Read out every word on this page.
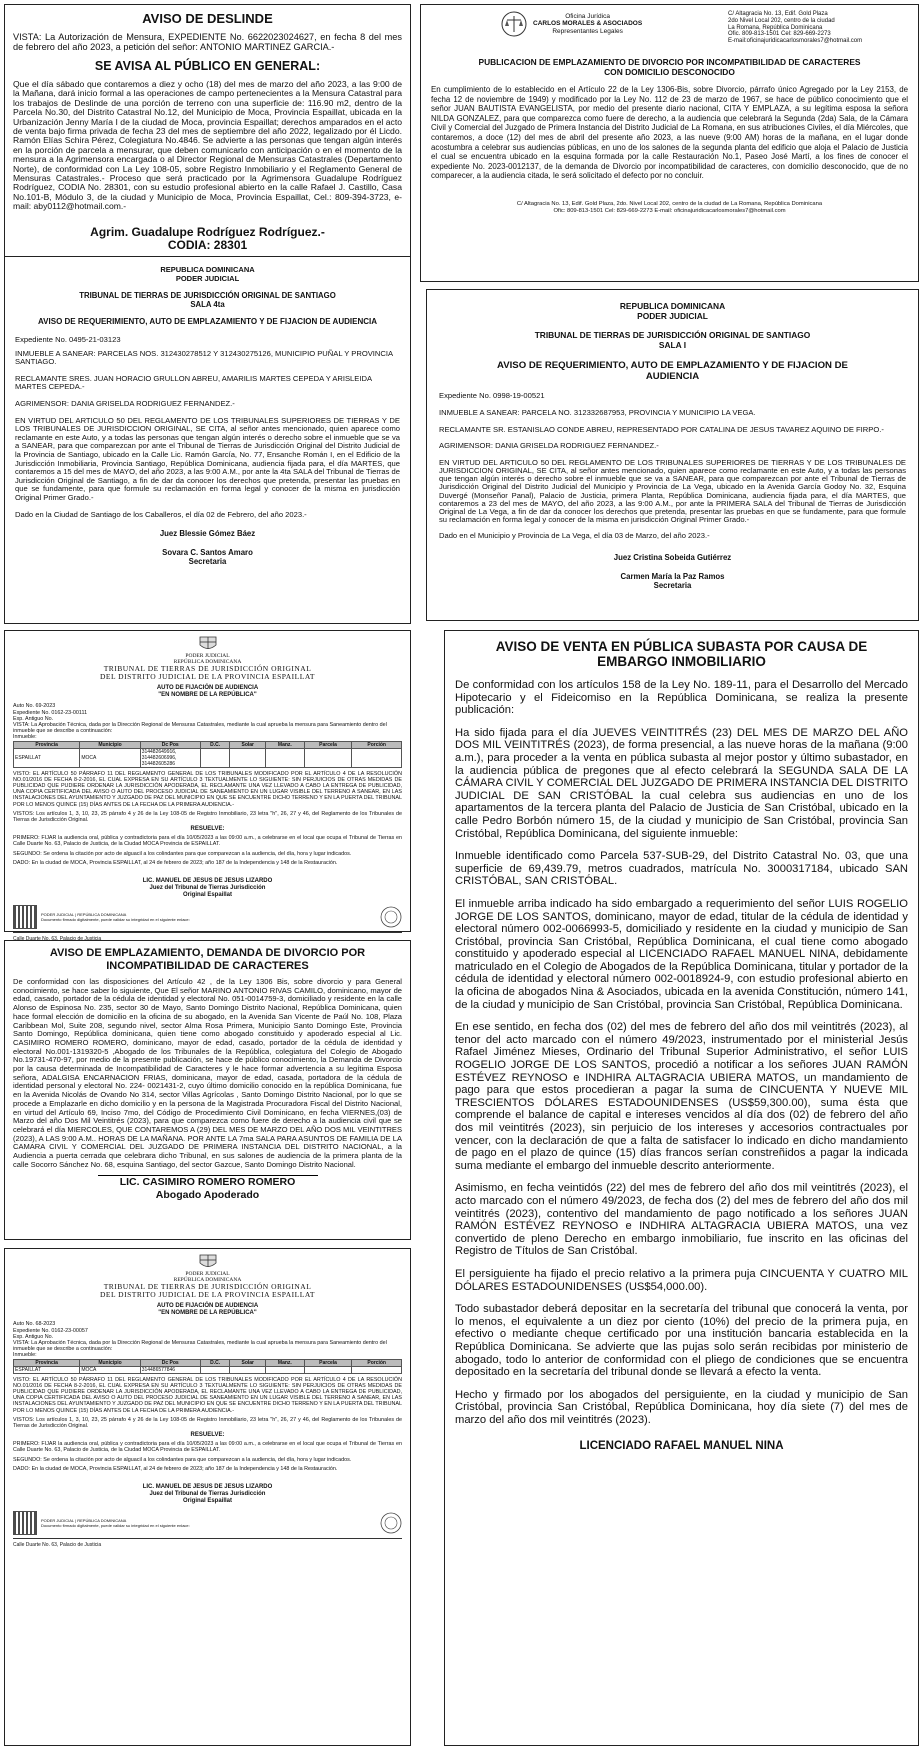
AVISO DE DESLINDE
VISTA: La Autorización de Mensura, EXPEDIENTE No. 6622023024627, en fecha 8 del mes de febrero del año 2023, a petición del señor: ANTONIO MARTINEZ GARCIA.-
SE AVISA AL PÚBLICO EN GENERAL:
Que el día sábado que contaremos a diez y ocho (18) del mes de marzo del año 2023, a las 9:00 de la Mañana, dará inicio formal a las operaciones de campo pertenecientes a la Mensura Catastral para los trabajos de Deslinde de una porción de terreno con una superficie de: 116.90 m2, dentro de la Parcela No.30, del Distrito Catastral No.12, del Municipio de Moca, Provincia Espaillat, ubicada en la Urbanización Jenny María I de la ciudad de Moca, provincia Espaillat; derechos amparados en el acto de venta bajo firma privada de fecha 23 del mes de septiembre del año 2022, legalizado por él Licdo. Ramón Elías Schira Pérez, Colegiatura No.4846. Se advierte a las personas que tengan algún interés en la porción de parcela a mensurar, que deben comunicarlo con anticipación o en el momento de la mensura a la Agrimensora encargada o al Director Regional de Mensuras Catastrales (Departamento Norte), de conformidad con La Ley 108-05, sobre Registro Inmobiliario y el Reglamento General de Mensuras Catastrales.- Proceso que será practicado por la Agrimensora Guadalupe Rodríguez Rodríguez, CODIA No. 28301, con su estudio profesional abierto en la calle Rafael J. Castillo, Casa No.101-B, Módulo 3, de la ciudad y Municipio de Moca, Provincia Espaillat, Cel.: 809-394-3723, e-mail: aby0112@hotmail.com.-
Agrim. Guadalupe Rodríguez Rodríguez.-
CODIA: 28301
Oficina Jurídica
CARLOS MORALES & ASOCIADOS
Representantes Legales
C/ Altagracia No. 13, Edif. Gold Plaza
2do Nivel Local 202, centro de la ciudad
La Romana, República Dominicana
Ofic. 809-813-1501 Cel: 829-669-2273
E-mail:oficinajuridicacarlosmorales7@hotmail.com
PUBLICACION DE EMPLAZAMIENTO DE DIVORCIO POR INCOMPATIBILIDAD DE CARACTERES CON DOMICILIO DESCONOCIDO
En cumplimiento de lo establecido en el Artículo 22 de la Ley 1306-Bis, sobre Divorcio, párrafo único Agregado por la Ley 2153, de fecha 12 de noviembre de 1949) y modificado por la Ley No. 112 de 23 de marzo de 1967, se hace de público conocimiento que el señor JUAN BAUTISTA EVANGELISTA, por medio del presente diario nacional, CITA Y EMPLAZA, a su legítima esposa la señora NILDA GONZALEZ, para que comparezca como fuere de derecho, a la audiencia que celebrará la Segunda (2da) Sala, de la Cámara Civil y Comercial del Juzgado de Primera Instancia del Distrito Judicial de La Romana, en sus atribuciones Civiles, el día Miércoles, que contaremos, a doce (12) del mes de abril del presente año 2023, a las nueve (9:00 AM) horas de la mañana, en el lugar donde acostumbra a celebrar sus audiencias públicas, en uno de los salones de la segunda planta del edificio que aloja el Palacio de Justicia el cual se encuentra ubicado en la esquina formada por la calle Restauración No.1, Paseo José Martí, a los fines de conocer el expediente No. 2023-0012137, de la demanda de Divorcio por incompatibilidad de caracteres, con domicilio desconocido, que de no comparecer, a la audiencia citada, le será solicitado el defecto por no concluir.
C/ Altagracia No. 13, Edif. Gold Plaza, 2do. Nivel Local 202, centro de la ciudad de La Romana, República Dominicana
Ofic: 809-813-1501 Cel: 829-669-2273 E-mail: oficinajuridicacarlosmorales7@hotmail.com
REPUBLICA DOMINICANA
PODER JUDICIAL
TRIBUNAL DE TIERRAS DE JURISDICCIÓN ORIGINAL DE SANTIAGO
SALA 4ta
AVISO DE REQUERIMIENTO, AUTO DE EMPLAZAMIENTO Y DE FIJACION DE AUDIENCIA
Expediente No. 0495-21-03123
INMUEBLE A SANEAR: PARCELAS NOS. 312430278512 Y 312430275126, MUNICIPIO PUÑAL Y PROVINCIA SANTIAGO.
RECLAMANTE SRES. JUAN HORACIO GRULLON ABREU, AMARILIS MARTES CEPEDA Y ARISLEIDA MARTES CEPEDA.-
AGRIMENSOR: DANIA GRISELDA RODRIGUEZ FERNANDEZ.-
EN VIRTUD DEL ARTICULO 50 DEL REGLAMENTO DE LOS TRIBUNALES SUPERIORES DE TIERRAS Y DE LOS TRIBUNALES DE JURISDICCION ORIGINAL, SE CITA, al señor antes mencionado, quien aparece como reclamante en este Auto, y a todas las personas que tengan algún interés o derecho sobre el inmueble que se va a SANEAR, para que comparezcan por ante el Tribunal de Tierras de Jurisdicción Original del Distrito Judicial de la Provincia de Santiago, ubicado en la Calle Lic. Ramón García, No. 77, Ensanche Román I, en el Edificio de la Jurisdicción Inmobiliaria, Provincia Santiago, República Dominicana, audiencia fijada para, el día MARTES, que contaremos a 15 del mes de MAYO, del año 2023, a las 9:00 A.M., por ante la 4ta SALA del Tribunal de Tierras de Jurisdicción Original de Santiago, a fin de dar da conocer los derechos que pretenda, presentar las pruebas en que se fundamente, para que formule su reclamación en forma legal y conocer de la misma en jurisdicción Original Primer Grado.-
Dado en la Ciudad de Santiago de los Caballeros, el día 02 de Febrero, del año 2023.-
Juez Blessie Gómez Báez
Sovara C. Santos Amaro
Secretaria
REPUBLICA DOMINICANA
PODER JUDICIAL
TRIBUNAL DE TIERRAS DE JURISDICCIÓN ORIGINAL DE SANTIAGO
SALA I
AVISO DE REQUERIMIENTO, AUTO DE EMPLAZAMIENTO Y DE FIJACION DE AUDIENCIA
Expediente No. 0998-19-00521
INMUEBLE A SANEAR: PARCELA NO. 312332687953, PROVINCIA Y MUNICIPIO LA VEGA.
RECLAMANTE SR. ESTANISLAO CONDE ABREU, REPRESENTADO POR CATALINA DE JESUS TAVAREZ AQUINO DE FIRPO.-
AGRIMENSOR: DANIA GRISELDA RODRIGUEZ FERNANDEZ.-
EN VIRTUD DEL ARTICULO 50 DEL REGLAMENTO DE LOS TRIBUNALES SUPERIORES DE TIERRAS Y DE LOS TRIBUNALES DE JURISDICCION ORIGINAL, SE CITA, al señor antes mencionado, quien aparece como reclamante en este Auto, y a todas las personas que tengan algún interés o derecho sobre el inmueble que se va a SANEAR, para que comparezcan por ante el Tribunal de Tierras de Jurisdicción Original del Distrito Judicial del Municipio y Provincia de La Vega, ubicado en la Avenida García Godoy No. 32, Esquina Duvergé (Monseñor Panal), Palacio de Justicia, primera Planta, República Dominicana, audiencia fijada para, el día MARTES, que contaremos a 23 del mes de MAYO, del año 2023, a las 9:00 A.M., por ante la PRIMERA SALA del Tribunal de Tierras de Jurisdicción Original de La Vega, a fin de dar da conocer los derechos que pretenda, presentar las pruebas en que se fundamente, para que formule su reclamación en forma legal y conocer de la misma en jurisdicción Original Primer Grado.-
Dado en el Municipio y Provincia de La Vega, el día 03 de Marzo, del año 2023.-
Juez Cristina Sobeida Gutiérrez
Carmen María la Paz Ramos
Secretaria
PODER JUDICIAL
REPÚBLICA DOMINICANA
TRIBUNAL DE TIERRAS DE JURISDICCIÓN ORIGINAL
DEL DISTRITO JUDICIAL DE LA PROVINCIA ESPAILLAT
AUTO DE FIJACIÓN DE AUDIENCIA
"EN NOMBRE DE LA REPÚBLICA"
Auto No. 69-2023
Expediente No. 0162-23-00111
Exp. Antiguo No.
VISTA: La Aprobación Técnica, dada por la Dirección Regional de Mensuras Catastrales, mediante la cual aprueba la mensura para Saneamiento dentro del inmueble que se describe a continuación:
Inmueble:
Provincia	Municipio	Dc Pos	D.C.	Solar	Manz.	Parcela	Porción
ESPAILLAT	MOCA	314482649916, 314482606996, 314482605286					
VISTO: EL ARTÍCULO 50 PÁRRAFO 11 DEL REGLAMENTO GENERAL DE LOS TRIBUNALES MODIFICADO POR EL ARTÍCULO 4 DE LA RESOLUCIÓN NO.01/2016 DE FECHA 8-2-2016, EL CUAL EXPRESA EN SU ARTÍCULO 3 TEXTUALMENTE LO SIGUIENTE: SIN PERJUICIOS DE OTRAS MEDIDAS DE PUBLICIDAD QUE PUDIERE ORDENAR LA JURISDICCIÓN APODERADA, EL RECLAMANTE UNA VEZ LLEVADO A CABO LA ENTREGA DE PUBLICIDAD, UNA COPIA CERTIFICADA DEL AVISO O AUTO DEL PROCESO JUDICIAL DE SANEAMIENTO EN UN LUGAR VISIBLE DEL TERRENO A SANEAR, EN LAS INSTALACIONES DEL AYUNTAMIENTO Y JUZGADO DE PAZ DEL MUNICIPIO EN QUE SE ENCUENTRE DICHO TERRENO Y EN LA PUERTA DEL TRIBUNAL POR LO MENOS QUINCE (15) DÍAS ANTES DE LA FECHA DE LA PRIMERA AUDIENCIA.-
VISTOS: Los artículos 1, 3, 10, 23, 25 párrafo 4 y 26 de la Ley 108-05 de Registro Inmobiliario, 23 letra "h", 26, 27 y 46, del Reglamento de los Tribunales de Tierras de Jurisdicción Original.
RESUELVE:
PRIMERO: FIJAR la audiencia oral, pública y contradictoria para el día 10/05/2023 a las 09:00 a.m., a celebrarse en el local que ocupa el Tribunal de Tierras en Calle Duarte No. 63, Palacio de Justicia, de la Ciudad MOCA Provincia de ESPAILLAT.
SEGUNDO: Se ordena la citación por acto de alguacil a los colindantes para que comparezcan a la audiencia, del día, hora y lugar indicados.
DADO: En la ciudad de MOCA, Provincia ESPAILLAT, al 24 de febrero de 2023; año 187 de la Independencia y 148 de la Restauración.
LIC. MANUEL DE JESUS DE JESUS LIZARDO
Juez del Tribunal de Tierras Jurisdicción
Original Espaillat
PODER JUDICIAL | REPÚBLICA DOMINICANA
Documento firmado digitalmente, puede validar su integridad en el siguiente enlace:
AVISO DE EMPLAZAMIENTO, DEMANDA DE DIVORCIO POR INCOMPATIBILIDAD DE CARACTERES
De conformidad con las disposiciones del Artículo 42 , de la Ley 1306 Bis, sobre divorcio y para General conocimiento, se hace saber lo siguiente, Que El señor MARINO ANTONIO RIVAS CAMILO, dominicano, mayor de edad, casado, portador de la cédula de identidad y electoral No. 051-0014759-3, domiciliado y residente en la calle Alonso de Espinosa No. 235, sector 30 de Mayo, Santo Domingo Distrito Nacional, República Dominicana, quien hace formal elección de domicilio en la oficina de su abogado, en la Avenida San Vicente de Paúl No. 108, Plaza Caribbean Mol, Suite 208, segundo nivel, sector Alma Rosa Primera, Municipio Santo Domingo Este, Provincia Santo Domingo, República dominicana, quien tiene como abogado constituido y apoderado especial al Lic. CASIMIRO ROMERO ROMERO, dominicano, mayor de edad, casado, portador de la cédula de identidad y electoral No.001-1319320-5 ,Abogado de los Tribunales de la República, colegiatura del Colegio de Abogado No.19731-470-97, por medio de la presente publicación, se hace de público conocimiento, la Demanda de Divorcio por la causa determinada de Incompatibilidad de Caracteres y le hace formar advertencia a su legítima Esposa señora, ADALGISA ENCARNACION FRIAS, dominicana, mayor de edad, casada, portadora de la cédula de identidad personal y electoral No. 224- 0021431-2, cuyo último domicilio conocido en la república Dominicana, fue en la Avenida Nicolás de Ovando No 314, sector Villas Agrícolas , Santo Domingo Distrito Nacional, por lo que se procede a Emplazarle en dicho domicilio y en la persona de la Magistrada Procuradora Fiscal del Distrito Nacional, en virtud del Artículo 69, Inciso 7mo, del Código de Procedimiento Civil Dominicano, en fecha VIERNES,(03) de Marzo del año Dos Mil Veintitrés (2023), para que comparezca como fuere de derecho a la audiencia civil que se celebrará el día MIERCOLES, QUE CONTAREMOS A (29) DEL MES DE MARZO DEL AÑO DOS MIL VEINTITRES (2023), A LAS 9:00 A.M.. HORAS DE LA MAÑANA. POR ANTE LA 7ma SALA PARA ASUNTOS DE FAMILIA DE LA CAMARA CIVIL Y COMERCIAL DEL JUZGADO DE PRIMERA INSTANCIA DEL DISTRITO NACIONAL, a la Audiencia a puerta cerrada que celebrara dicho Tribunal, en sus salones de audiencia de la primera planta de la calle Socorro Sánchez No. 68, esquina Santiago, del sector Gazcue, Santo Domingo Distrito Nacional.
LIC. CASIMIRO ROMERO ROMERO
Abogado Apoderado
PODER JUDICIAL
REPÚBLICA DOMINICANA
TRIBUNAL DE TIERRAS DE JURISDICCIÓN ORIGINAL
DEL DISTRITO JUDICIAL DE LA PROVINCIA ESPAILLAT
AUTO DE FIJACIÓN DE AUDIENCIA
"EN NOMBRE DE LA REPÚBLICA"
Auto No. 68-2023
Expediente No. 0162-23-00057
Exp. Antiguo No.
VISTA: La Aprobación Técnica, dada por la Dirección Regional de Mensuras Catastrales, mediante la cual aprueba la mensura para Saneamiento dentro del inmueble que se describe a continuación:
Inmueble:
Provincia	Municipio	Dc Pos	D.C.	Solar	Manz.	Parcela	Porción
ESPAILLAT	MOCA	314486577846					
VISTO: EL ARTÍCULO 50 PÁRRAFO 11 DEL REGLAMENTO GENERAL DE LOS TRIBUNALES MODIFICADO POR EL ARTÍCULO 4 DE LA RESOLUCIÓN NO.01/2016 DE FECHA 8-2-2016, EL CUAL EXPRESA EN SU ARTÍCULO 3 TEXTUALMENTE LO SIGUIENTE: SIN PERJUICIOS DE OTRAS MEDIDAS DE PUBLICIDAD QUE PUDIERE ORDENAR LA JURISDICCIÓN APODERADA, EL RECLAMANTE UNA VEZ LLEVADO A CABO LA ENTREGA DE PUBLICIDAD, UNA COPIA CERTIFICADA DEL AVISO O AUTO DEL PROCESO JUDICIAL DE SANEAMIENTO EN UN LUGAR VISIBLE DEL TERRENO A SANEAR, EN LAS INSTALACIONES DEL AYUNTAMIENTO Y JUZGADO DE PAZ DEL MUNICIPIO EN QUE SE ENCUENTRE DICHO TERRENO Y EN LA PUERTA DEL TRIBUNAL POR LO MENOS QUINCE (15) DÍAS ANTES DE LA FECHA DE LA PRIMERA AUDIENCIA.-
VISTOS: Los artículos 1, 3, 10, 23, 25 párrafo 4 y 26 de la Ley 108-05 de Registro Inmobiliario, 23 letra "h", 26, 27 y 46, del Reglamento de los Tribunales de Tierras de Jurisdicción Original.
RESUELVE:
PRIMERO: FIJAR la audiencia oral, pública y contradictoria para el día 10/05/2023 a las 09:00 a.m., a celebrarse en el local que ocupa el Tribunal de Tierras en Calle Duarte No. 63, Palacio de Justicia, de la Ciudad MOCA Provincia de ESPAILLAT.
SEGUNDO: Se ordena la citación por acto de alguacil a los colindantes para que comparezcan a la audiencia, del día, hora y lugar indicados.
DADO: En la ciudad de MOCA, Provincia ESPAILLAT, al 24 de febrero de 2023; año 187 de la Independencia y 148 de la Restauración.
LIC. MANUEL DE JESUS DE JESUS LIZARDO
Juez del Tribunal de Tierras Jurisdicción
Original Espaillat
PODER JUDICIAL | REPÚBLICA DOMINICANA
Documento firmado digitalmente, puede validar su integridad en el siguiente enlace:
Calle Duarte No. 63, Palacio de Justicia
AVISO DE VENTA EN PÚBLICA SUBASTA POR CAUSA DE EMBARGO INMOBILIARIO
De conformidad con los artículos 158 de la Ley No. 189-11, para el Desarrollo del Mercado Hipotecario y el Fideicomiso en la República Dominicana, se realiza la presente publicación:
Ha sido fijada para el día JUEVES VEINTITRÉS (23) DEL MES DE MARZO DEL AÑO DOS MIL VEINTITRÉS (2023), de forma presencial, a las nueve horas de la mañana (9:00 a.m.), para proceder a la venta en pública subasta al mejor postor y último subastador, en la audiencia pública de pregones que al efecto celebrará la SEGUNDA SALA DE LA CÁMARA CIVIL Y COMERCIAL DEL JUZGADO DE PRIMERA INSTANCIA DEL DISTRITO JUDICIAL DE SAN CRISTÓBAL la cual celebra sus audiencias en uno de los apartamentos de la tercera planta del Palacio de Justicia de San Cristóbal, ubicado en la calle Pedro Borbón número 15, de la ciudad y municipio de San Cristóbal, provincia San Cristóbal, República Dominicana, del siguiente inmueble:
Inmueble identificado como Parcela 537-SUB-29, del Distrito Catastral No. 03, que una superficie de 69,439.79, metros cuadrados, matrícula No. 3000317184, ubicado SAN CRISTÓBAL, SAN CRISTÓBAL.
El inmueble arriba indicado ha sido embargado a requerimiento del señor LUIS ROGELIO JORGE DE LOS SANTOS, dominicano, mayor de edad, titular de la cédula de identidad y electoral número 002-0066993-5, domiciliado y residente en la ciudad y municipio de San Cristóbal, provincia San Cristóbal, República Dominicana, el cual tiene como abogado constituido y apoderado especial al LICENCIADO RAFAEL MANUEL NINA, debidamente matriculado en el Colegio de Abogados de la República Dominicana, titular y portador de la cédula de identidad y electoral número 002-0018924-9, con estudio profesional abierto en la oficina de abogados Nina & Asociados, ubicada en la avenida Constitución, número 141, de la ciudad y municipio de San Cristóbal, provincia San Cristóbal, República Dominicana.
En ese sentido, en fecha dos (02) del mes de febrero del año dos mil veintitrés (2023), al tenor del acto marcado con el número 49/2023, instrumentado por el ministerial Jesús Rafael Jiménez Mieses, Ordinario del Tribunal Superior Administrativo, el señor LUIS ROGELIO JORGE DE LOS SANTOS, procedió a notificar a los señores JUAN RAMÓN ESTÉVEZ REYNOSO e INDHIRA ALTAGRACIA UBIERA MATOS, un mandamiento de pago para que estos procedieran a pagar la suma de CINCUENTA Y NUEVE MIL TRESCIENTOS DÓLARES ESTADOUNIDENSES (US$59,300.00), suma ésta que comprende el balance de capital e intereses vencidos al día dos (02) de febrero del año dos mil veintitrés (2023), sin perjuicio de los intereses y accesorios contractuales por vencer, con la declaración de que a falta de satisfacer lo indicado en dicho mandamiento de pago en el plazo de quince (15) días francos serían constreñidos a pagar la indicada suma mediante el embargo del inmueble descrito anteriormente.
Asimismo, en fecha veintidós (22) del mes de febrero del año dos mil veintitrés (2023), el acto marcado con el número 49/2023, de fecha dos (2) del mes de febrero del año dos mil veintitrés (2023), contentivo del mandamiento de pago notificado a los señores JUAN RAMÓN ESTÉVEZ REYNOSO e INDHIRA ALTAGRACIA UBIERA MATOS, una vez convertido de pleno Derecho en embargo inmobiliario, fue inscrito en las oficinas del Registro de Títulos de San Cristóbal.
El persiguiente ha fijado el precio relativo a la primera puja CINCUENTA Y CUATRO MIL DÓLARES ESTADOUNIDENSES (US$54,000.00).
Todo subastador deberá depositar en la secretaría del tribunal que conocerá la venta, por lo menos, el equivalente a un diez por ciento (10%) del precio de la primera puja, en efectivo o mediante cheque certificado por una institución bancaria establecida en la República Dominicana. Se advierte que las pujas solo serán recibidas por ministerio de abogado, todo lo anterior de conformidad con el pliego de condiciones que se encuentra depositado en la secretaría del tribunal donde se llevará a efecto la venta.
Hecho y firmado por los abogados del persiguiente, en la ciudad y municipio de San Cristóbal, provincia San Cristóbal, República Dominicana, hoy día siete (7) del mes de marzo del año dos mil veintitrés (2023).
LICENCIADO RAFAEL MANUEL NINA
